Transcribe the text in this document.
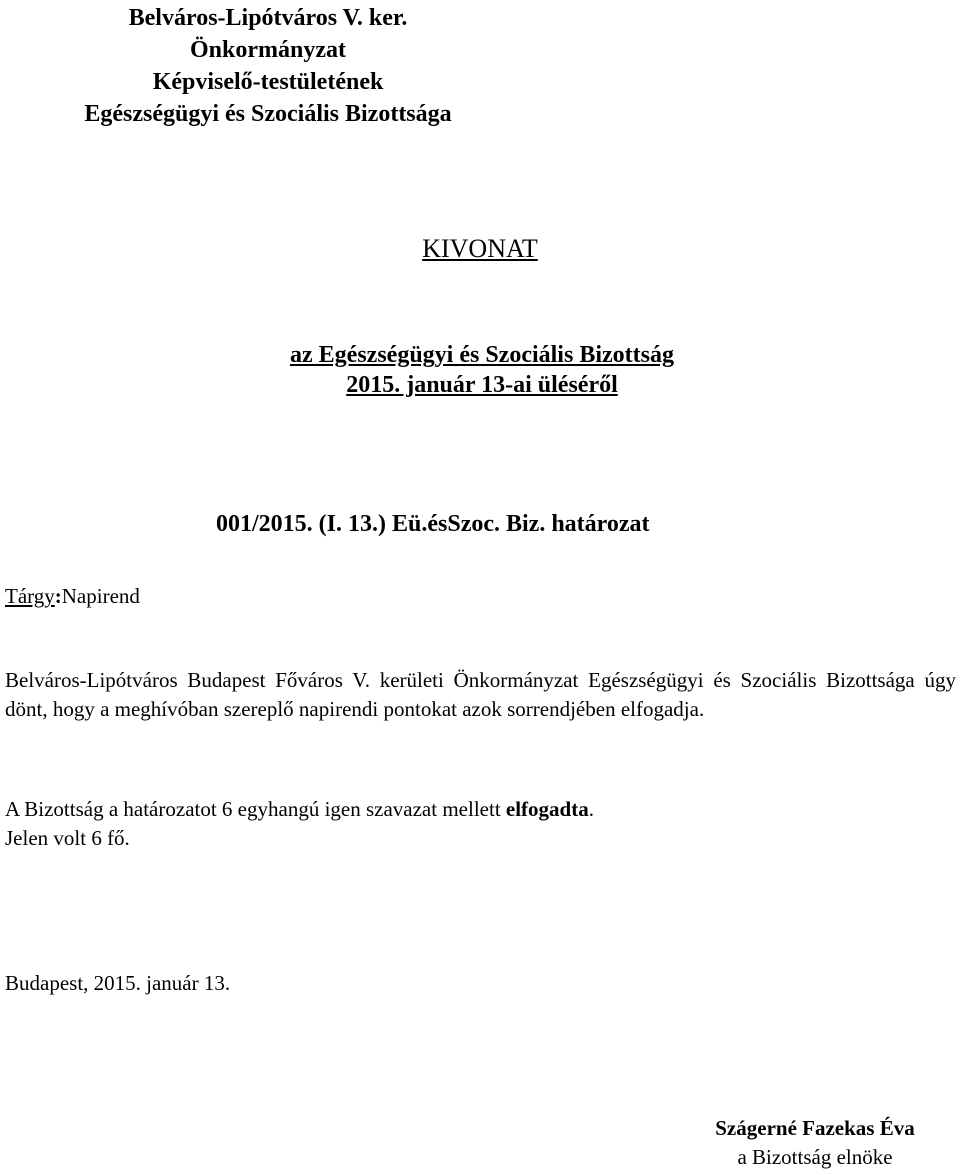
Belváros-Lipótváros V. ker.
Önkormányzat
Képviselő-testületének
Egészségügyi és Szociális Bizottsága
KIVONAT
az Egészségügyi és Szociális Bizottság
2015. január 13-ai üléséről
001/2015. (I. 13.) Eü.ésSzoc. Biz. határozat
Tárgy:Napirend
Belváros-Lipótváros Budapest Főváros V. kerületi Önkormányzat Egészségügyi és Szociális Bizottsága úgy dönt, hogy a meghívóban szereplő napirendi pontokat azok sorrendjében elfogadja.
A Bizottság a határozatot 6 egyhangú igen szavazat mellett elfogadta.
Jelen volt 6 fő.
Budapest, 2015. január 13.
Szágerné Fazekas Éva
a Bizottság elnöke
